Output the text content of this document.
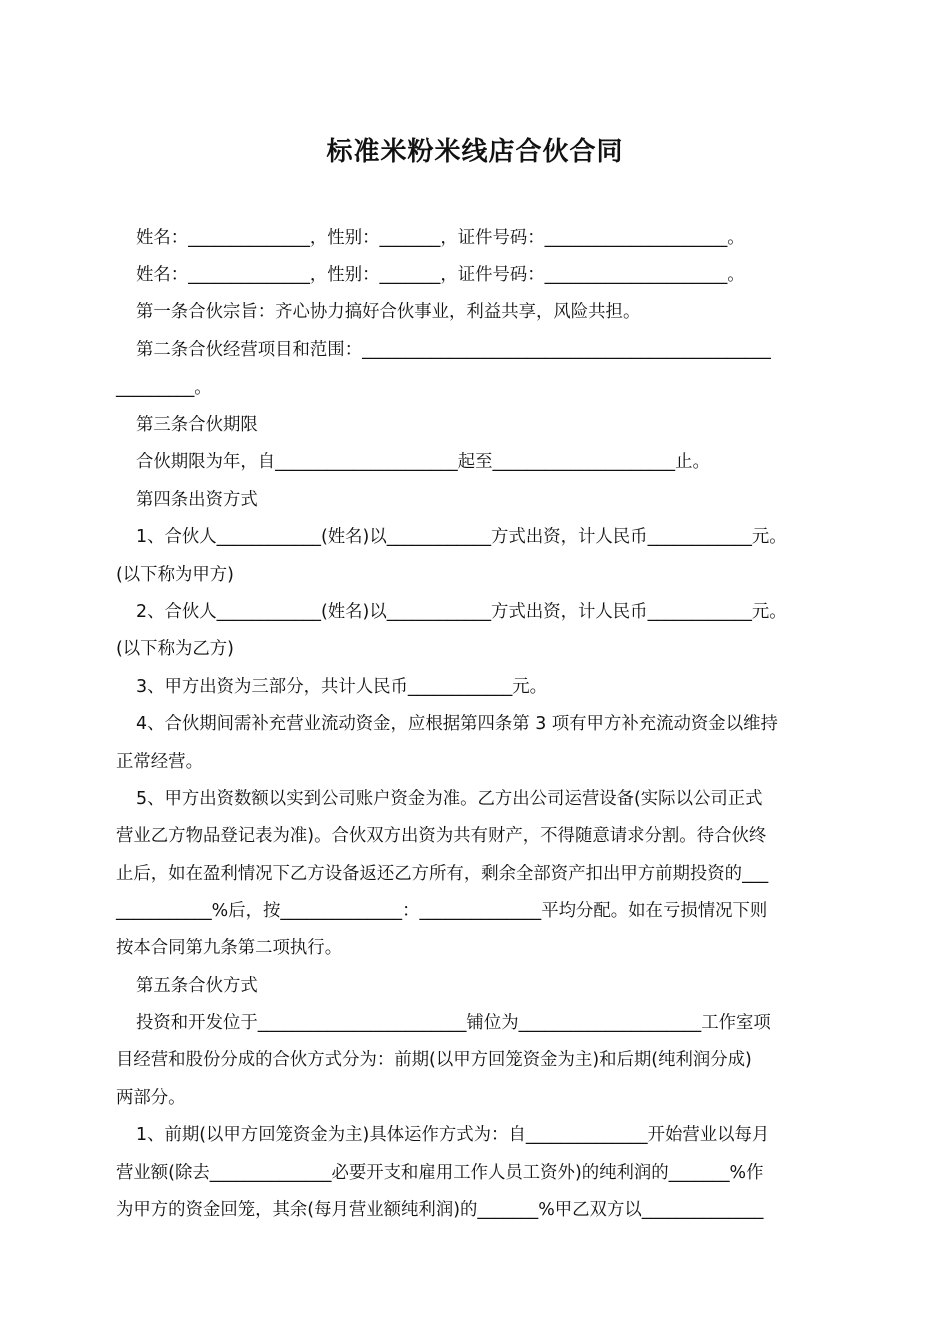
标准米粉米线店合伙合同
姓名：______________，性别：_______，证件号码：_____________________。
姓名：______________，性别：_______，证件号码：_____________________。
第一条合伙宗旨：齐心协力搞好合伙事业，利益共享，风险共担。
第二条合伙经营项目和范围：_______________________________________________
_________。
第三条合伙期限
合伙期限为年，自_____________________起至_____________________止。
第四条出资方式
1、合伙人____________(姓名)以____________方式出资，计人民币____________元。
(以下称为甲方)
2、合伙人____________(姓名)以____________方式出资，计人民币____________元。
(以下称为乙方)
3、甲方出资为三部分，共计人民币____________元。
4、合伙期间需补充营业流动资金，应根据第四条第 3 项有甲方补充流动资金以维持
正常经营。
5、甲方出资数额以实到公司账户资金为准。乙方出公司运营设备(实际以公司正式
营业乙方物品登记表为准)。合伙双方出资为共有财产，不得随意请求分割。待合伙终
止后，如在盈利情况下乙方设备返还乙方所有，剩余全部资产扣出甲方前期投资的___
___________%后，按______________：______________平均分配。如在亏损情况下则
按本合同第九条第二项执行。
第五条合伙方式
投资和开发位于________________________铺位为_____________________工作室项
目经营和股份分成的合伙方式分为：前期(以甲方回笼资金为主)和后期(纯利润分成)
两部分。
1、前期(以甲方回笼资金为主)具体运作方式为：自______________开始营业以每月
营业额(除去______________必要开支和雇用工作人员工资外)的纯利润的_______%作
为甲方的资金回笼，其余(每月营业额纯利润)的_______%甲乙双方以______________
